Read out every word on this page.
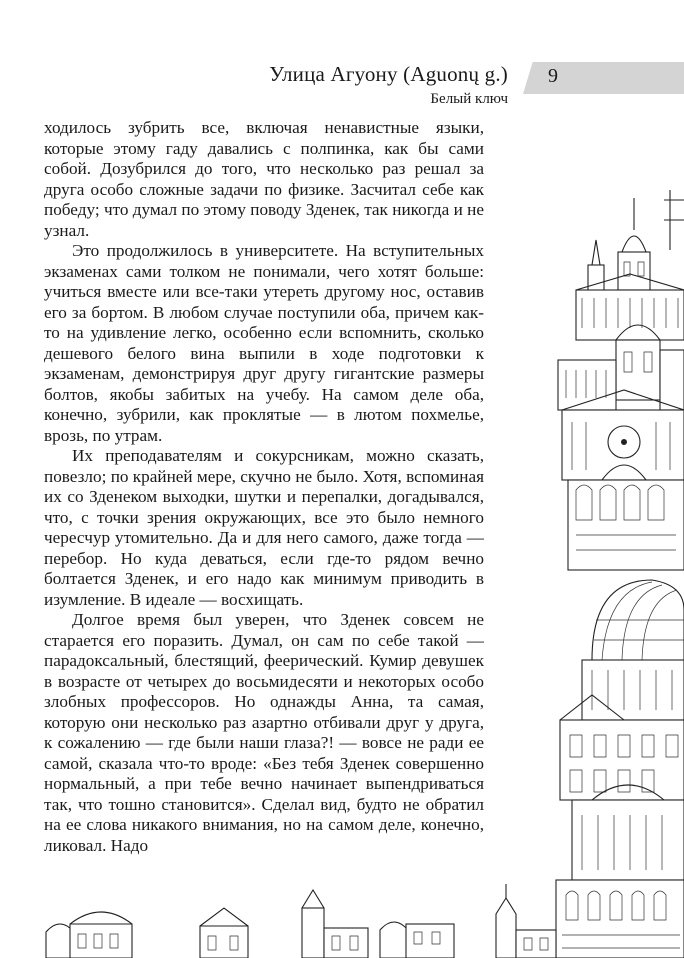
Улица Агуону (Aguonų g.)
Белый ключ
9

ходилось зубрить все, включая ненавистные языки, которые этому гаду давались с полпинка, как бы сами собой. Дозубрился до того, что несколько раз решал за друга особо сложные задачи по физике. Засчитал себе как победу; что думал по этому поводу Зденек, так никогда и не узнал.

Это продолжилось в университете. На вступительных экзаменах сами толком не понимали, чего хотят больше: учиться вместе или все-таки утереть другому нос, оставив его за бортом. В любом случае поступили оба, причем как-то на удивление легко, особенно если вспомнить, сколько дешевого белого вина выпили в ходе подготовки к экзаменам, демонстрируя друг другу гигантские размеры болтов, якобы забитых на учебу. На самом деле оба, конечно, зубрили, как проклятые — в лютом похмелье, врозь, по утрам.

Их преподавателям и сокурсникам, можно сказать, повезло; по крайней мере, скучно не было. Хотя, вспоминая их со Зденеком выходки, шутки и перепалки, догадывался, что, с точки зрения окружающих, все это было немного чересчур утомительно. Да и для него самого, даже тогда — перебор. Но куда деваться, если где-то рядом вечно болтается Зденек, и его надо как минимум приводить в изумление. В идеале — восхищать.

Долгое время был уверен, что Зденек совсем не старается его поразить. Думал, он сам по себе такой — парадоксальный, блестящий, феерический. Кумир девушек в возрасте от четырех до восьмидесяти и некоторых особо злобных профессоров. Но однажды Анна, та самая, которую они несколько раз азартно отбивали друг у друга, к сожалению — где были наши глаза?! — вовсе не ради ее самой, сказала что-то вроде: «Без тебя Зденек совершенно нормальный, а при тебе вечно начинает выпендриваться так, что тошно становится». Сделал вид, будто не обратил на ее слова никакого внимания, но на самом деле, конечно, ликовал. Надо
